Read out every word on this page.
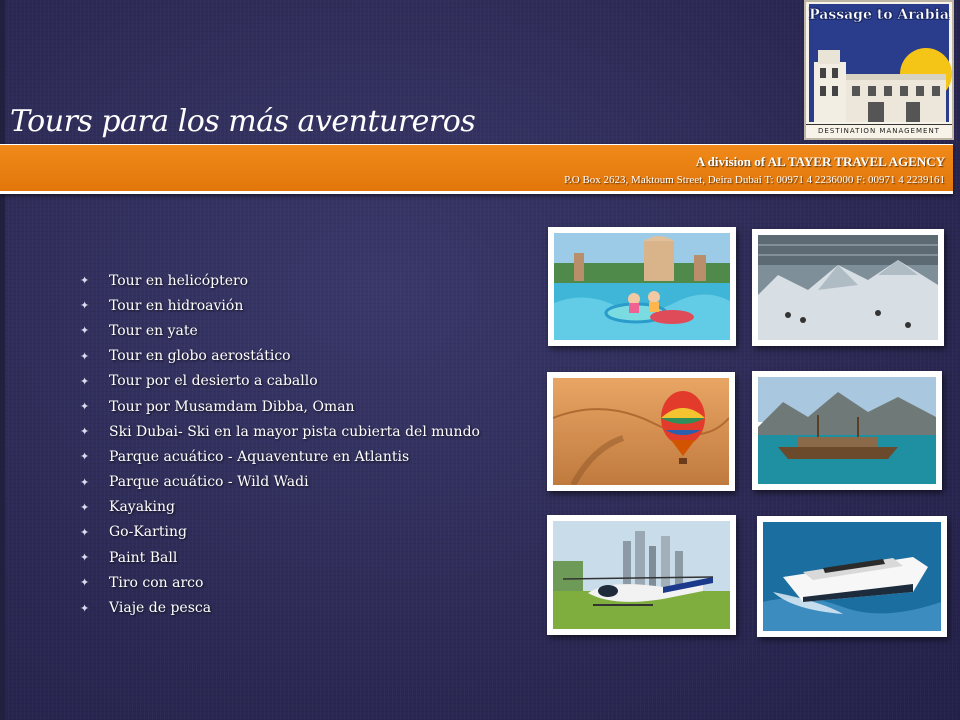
Tours para los más aventureros
A division of AL TAYER TRAVEL AGENCY
P.O Box 2623, Maktoum Street, Deira Dubai T: 00971 4 2236000 F: 00971 4 2239161
Passage to Arabia
DESTINATION MANAGEMENT
✦	Tour en helicóptero
✦	Tour en hidroavión
✦	Tour en yate
✦	Tour en globo aerostático
✦	Tour por el desierto a caballo
✦	Tour por Musamdam Dibba, Oman
✦	Ski Dubai- Ski en la mayor pista cubierta del mundo
✦	Parque acuático - Aquaventure en Atlantis
✦	Parque acuático - Wild Wadi
✦	Kayaking
✦	Go-Karting
✦	Paint Ball
✦	Tiro con arco
✦	Viaje de pesca
